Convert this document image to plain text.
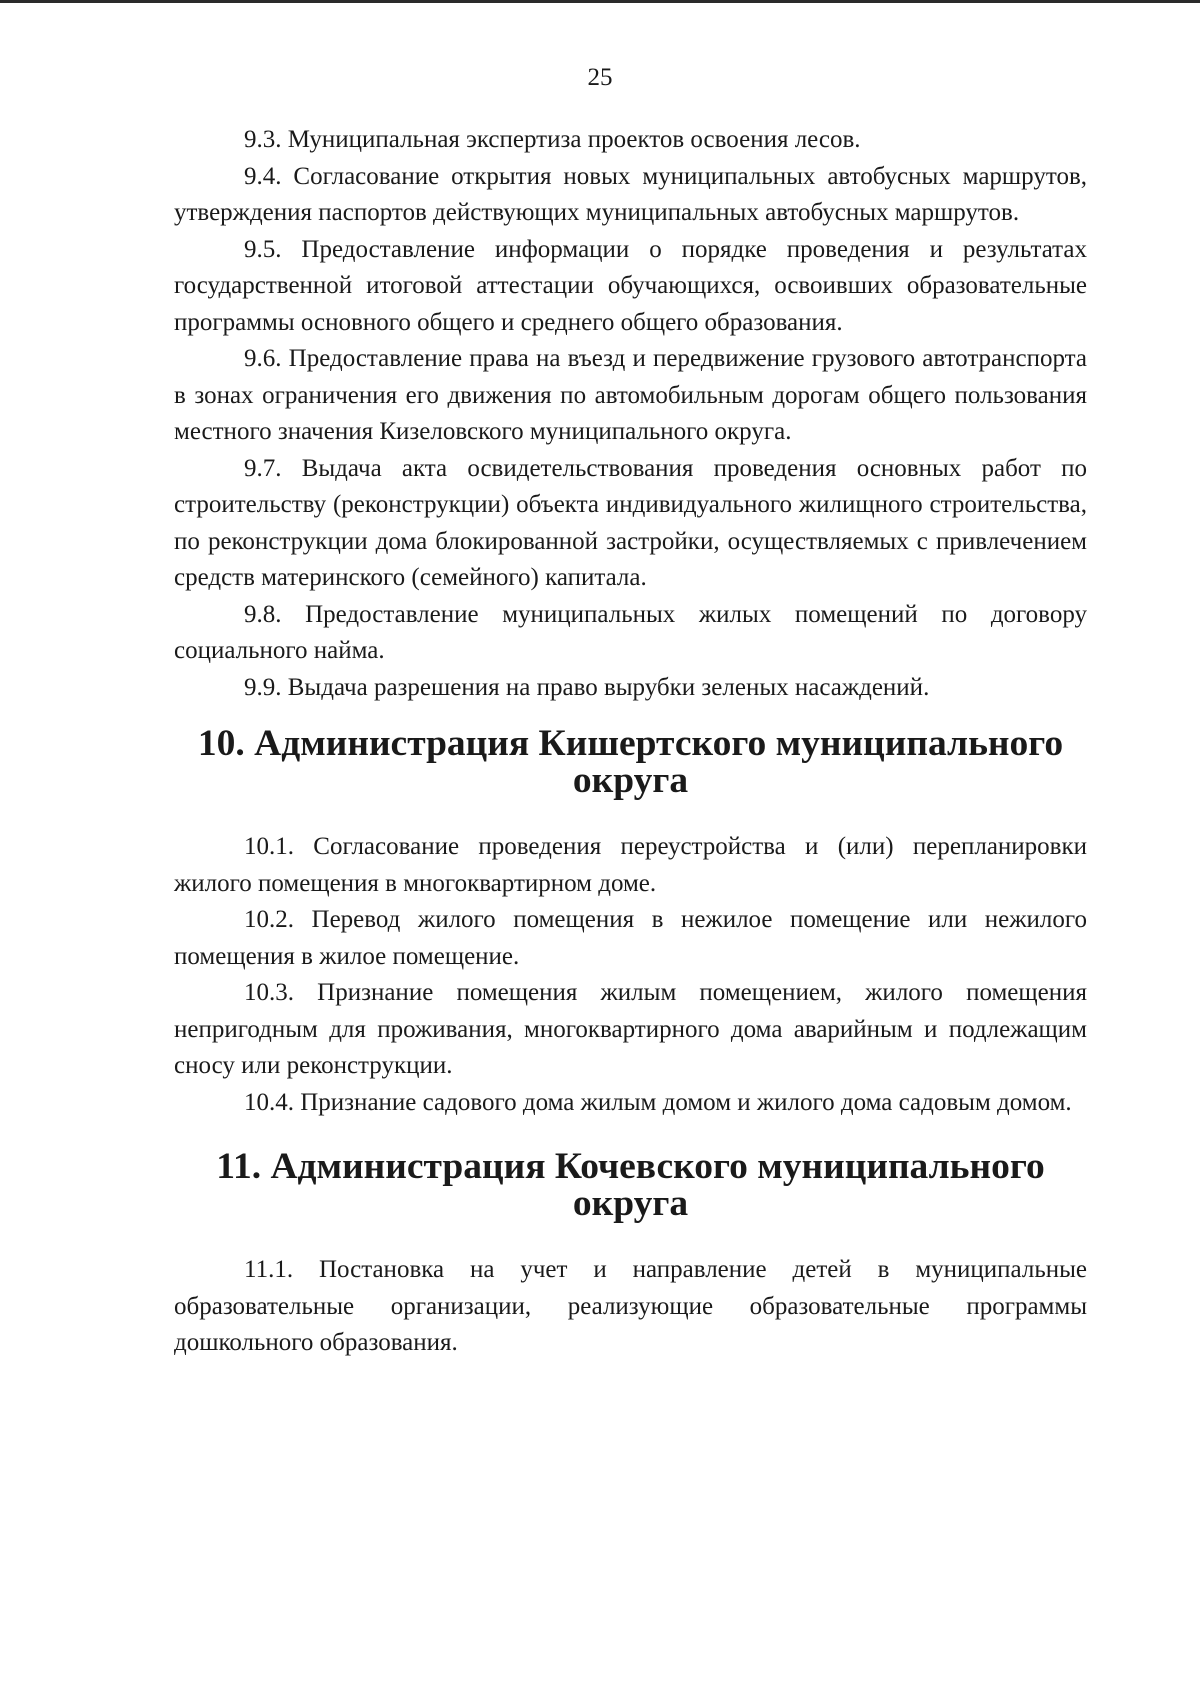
25

9.3. Муниципальная экспертиза проектов освоения лесов.

9.4. Согласование открытия новых муниципальных автобусных маршрутов, утверждения паспортов действующих муниципальных автобусных маршрутов.

9.5. Предоставление информации о порядке проведения и результатах государственной итоговой аттестации обучающихся, освоивших образовательные программы основного общего и среднего общего образования.

9.6. Предоставление права на въезд и передвижение грузового автотранспорта в зонах ограничения его движения по автомобильным дорогам общего пользования местного значения Кизеловского муниципального округа.

9.7. Выдача акта освидетельствования проведения основных работ по строительству (реконструкции) объекта индивидуального жилищного строительства, по реконструкции дома блокированной застройки, осуществляемых с привлечением средств материнского (семейного) капитала.

9.8. Предоставление муниципальных жилых помещений по договору социального найма.

9.9. Выдача разрешения на право вырубки зеленых насаждений.

10. Администрация Кишертского муниципального округа

10.1. Согласование проведения переустройства и (или) перепланировки жилого помещения в многоквартирном доме.

10.2. Перевод жилого помещения в нежилое помещение или нежилого помещения в жилое помещение.

10.3. Признание помещения жилым помещением, жилого помещения непригодным для проживания, многоквартирного дома аварийным и подлежащим сносу или реконструкции.

10.4. Признание садового дома жилым домом и жилого дома садовым домом.

11. Администрация Кочевского муниципального округа

11.1. Постановка на учет и направление детей в муниципальные образовательные организации, реализующие образовательные программы дошкольного образования.
